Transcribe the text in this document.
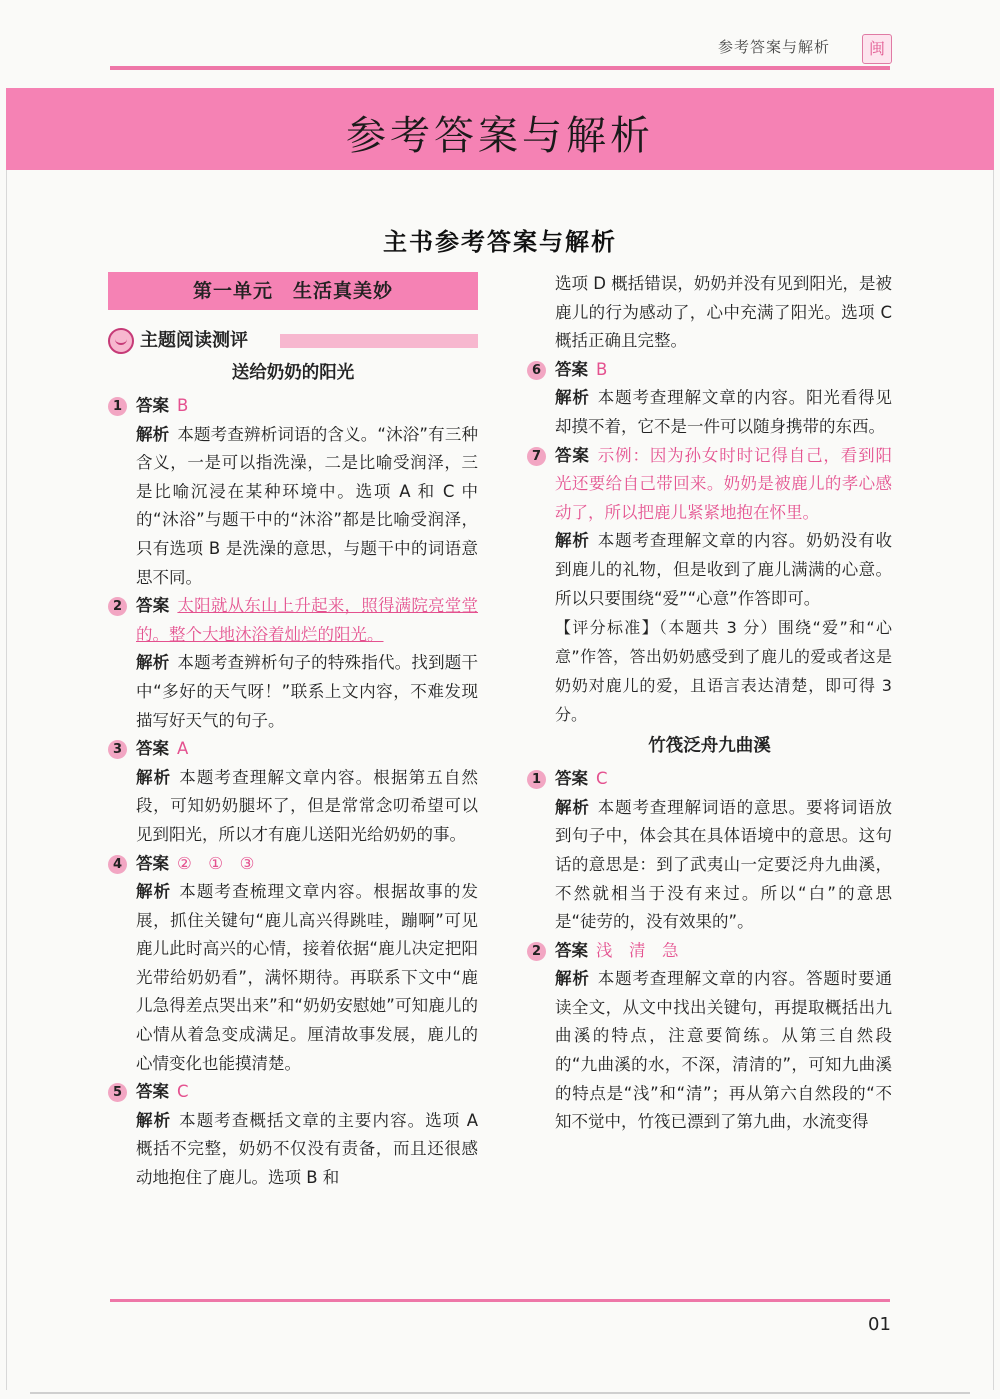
参考答案与解析	闽
参考答案与解析
主书参考答案与解析
第一单元　生活真美妙
主题阅读测评
送给奶奶的阳光
1 答案 B

解析 本题考查辨析词语的含义。“沐浴”有三种含义，一是可以指洗澡，二是比喻受润泽，三是比喻沉浸在某种环境中。选项 A 和 C 中的“沐浴”与题干中的“沐浴”都是比喻受润泽，只有选项 B 是洗澡的意思，与题干中的词语意思不同。

2 答案 太阳就从东山上升起来，照得满院亮堂堂的。整个大地沐浴着灿烂的阳光。

解析 本题考查辨析句子的特殊指代。找到题干中“多好的天气呀！”联系上文内容，不难发现描写好天气的句子。

3 答案 A

解析 本题考查理解文章内容。根据第五自然段，可知奶奶腿坏了，但是常常念叨希望可以见到阳光，所以才有鹿儿送阳光给奶奶的事。

4 答案 ②　①　③

解析 本题考查梳理文章内容。根据故事的发展，抓住关键句“鹿儿高兴得跳哇，蹦啊”可见鹿儿此时高兴的心情，接着依据“鹿儿决定把阳光带给奶奶看”，满怀期待。再联系下文中“鹿儿急得差点哭出来”和“奶奶安慰她”可知鹿儿的心情从着急变成满足。厘清故事发展，鹿儿的心情变化也能摸清楚。

5 答案 C

解析 本题考查概括文章的主要内容。选项 A 概括不完整，奶奶不仅没有责备，而且还很感动地抱住了鹿儿。选项 B 和

选项 D 概括错误，奶奶并没有见到阳光，是被鹿儿的行为感动了，心中充满了阳光。选项 C 概括正确且完整。

6 答案 B

解析 本题考查理解文章的内容。阳光看得见却摸不着，它不是一件可以随身携带的东西。

7 答案 示例：因为孙女时时记得自己，看到阳光还要给自己带回来。奶奶是被鹿儿的孝心感动了，所以把鹿儿紧紧地抱在怀里。

解析 本题考查理解文章的内容。奶奶没有收到鹿儿的礼物，但是收到了鹿儿满满的心意。所以只要围绕“爱”“心意”作答即可。

【评分标准】（本题共 3 分）围绕“爱”和“心意”作答，答出奶奶感受到了鹿儿的爱或者这是奶奶对鹿儿的爱，且语言表达清楚，即可得 3 分。

竹筏泛舟九曲溪
1 答案 C

解析 本题考查理解词语的意思。要将词语放到句子中，体会其在具体语境中的意思。这句话的意思是：到了武夷山一定要泛舟九曲溪，不然就相当于没有来过。所以“白”的意思是“徒劳的，没有效果的”。

2 答案 浅　清　急

解析 本题考查理解文章的内容。答题时要通读全文，从文中找出关键句，再提取概括出九曲溪的特点，注意要简练。从第三自然段的“九曲溪的水，不深，清清的”，可知九曲溪的特点是“浅”和“清”；再从第六自然段的“不知不觉中，竹筏已漂到了第九曲，水流变得

01
